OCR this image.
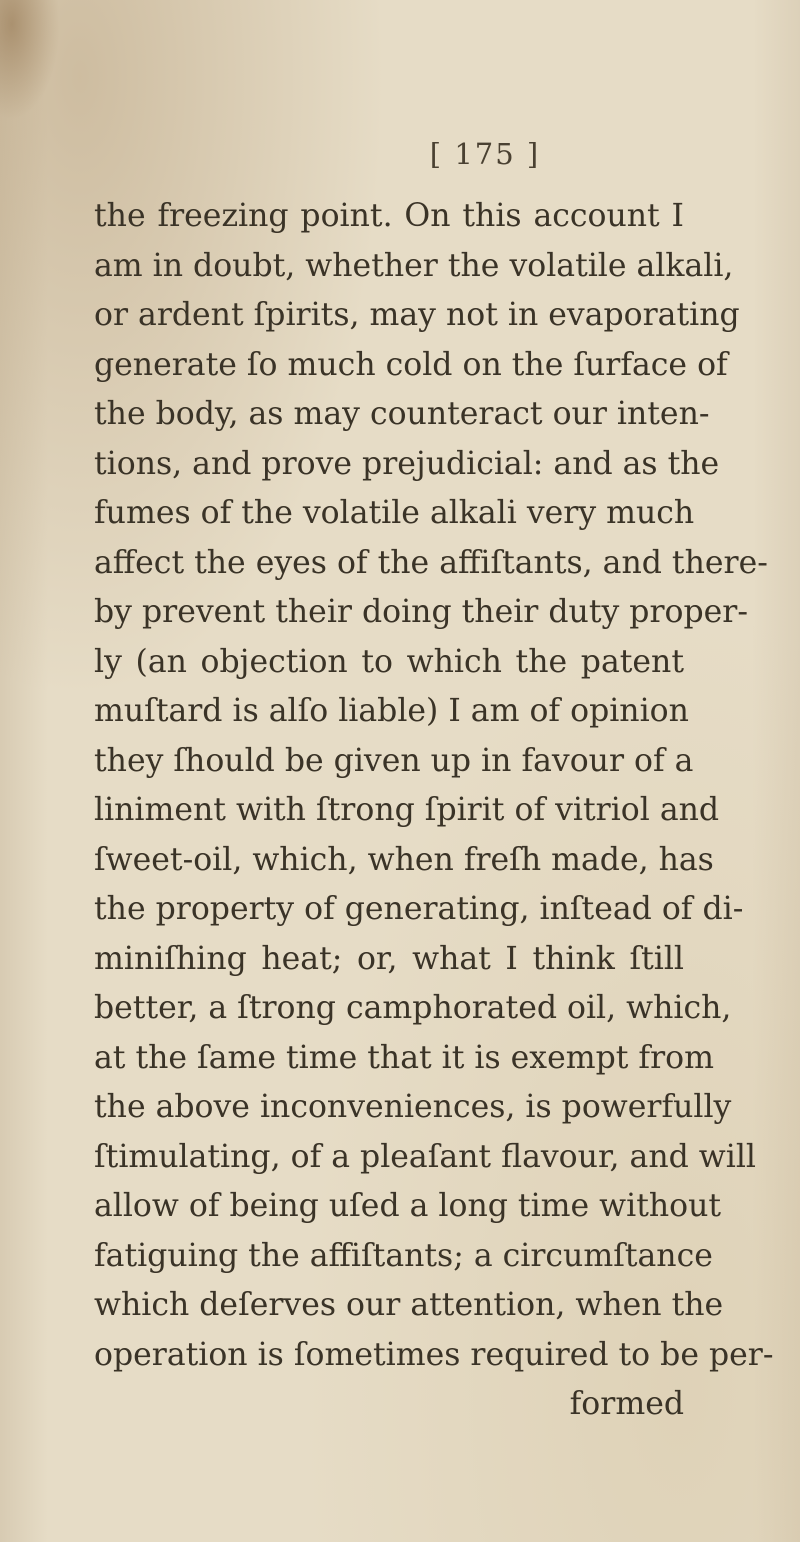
[ 175 ]
the freezing point. On this account I
am in doubt, whether the volatile alkali,
or ardent ſpirits, may not in evaporating
generate ſo much cold on the ſurface of
the body, as may counteract our inten-
tions, and prove prejudicial: and as the
fumes of the volatile alkali very much
affect the eyes of the affiſtants, and there-
by prevent their doing their duty proper-
ly (an objection to which the patent
muſtard is alſo liable) I am of opinion
they ſhould be given up in favour of a
liniment with ſtrong ſpirit of vitriol and
ſweet-oil, which, when freſh made, has
the property of generating, inſtead of di-
miniſhing heat; or, what I think ſtill
better, a ſtrong camphorated oil, which,
at the ſame time that it is exempt from
the above inconveniences, is powerfully
ſtimulating, of a pleaſant flavour, and will
allow of being uſed a long time without
fatiguing the affiſtants; a circumſtance
which deſerves our attention, when the
operation is ſometimes required to be per-
formed
